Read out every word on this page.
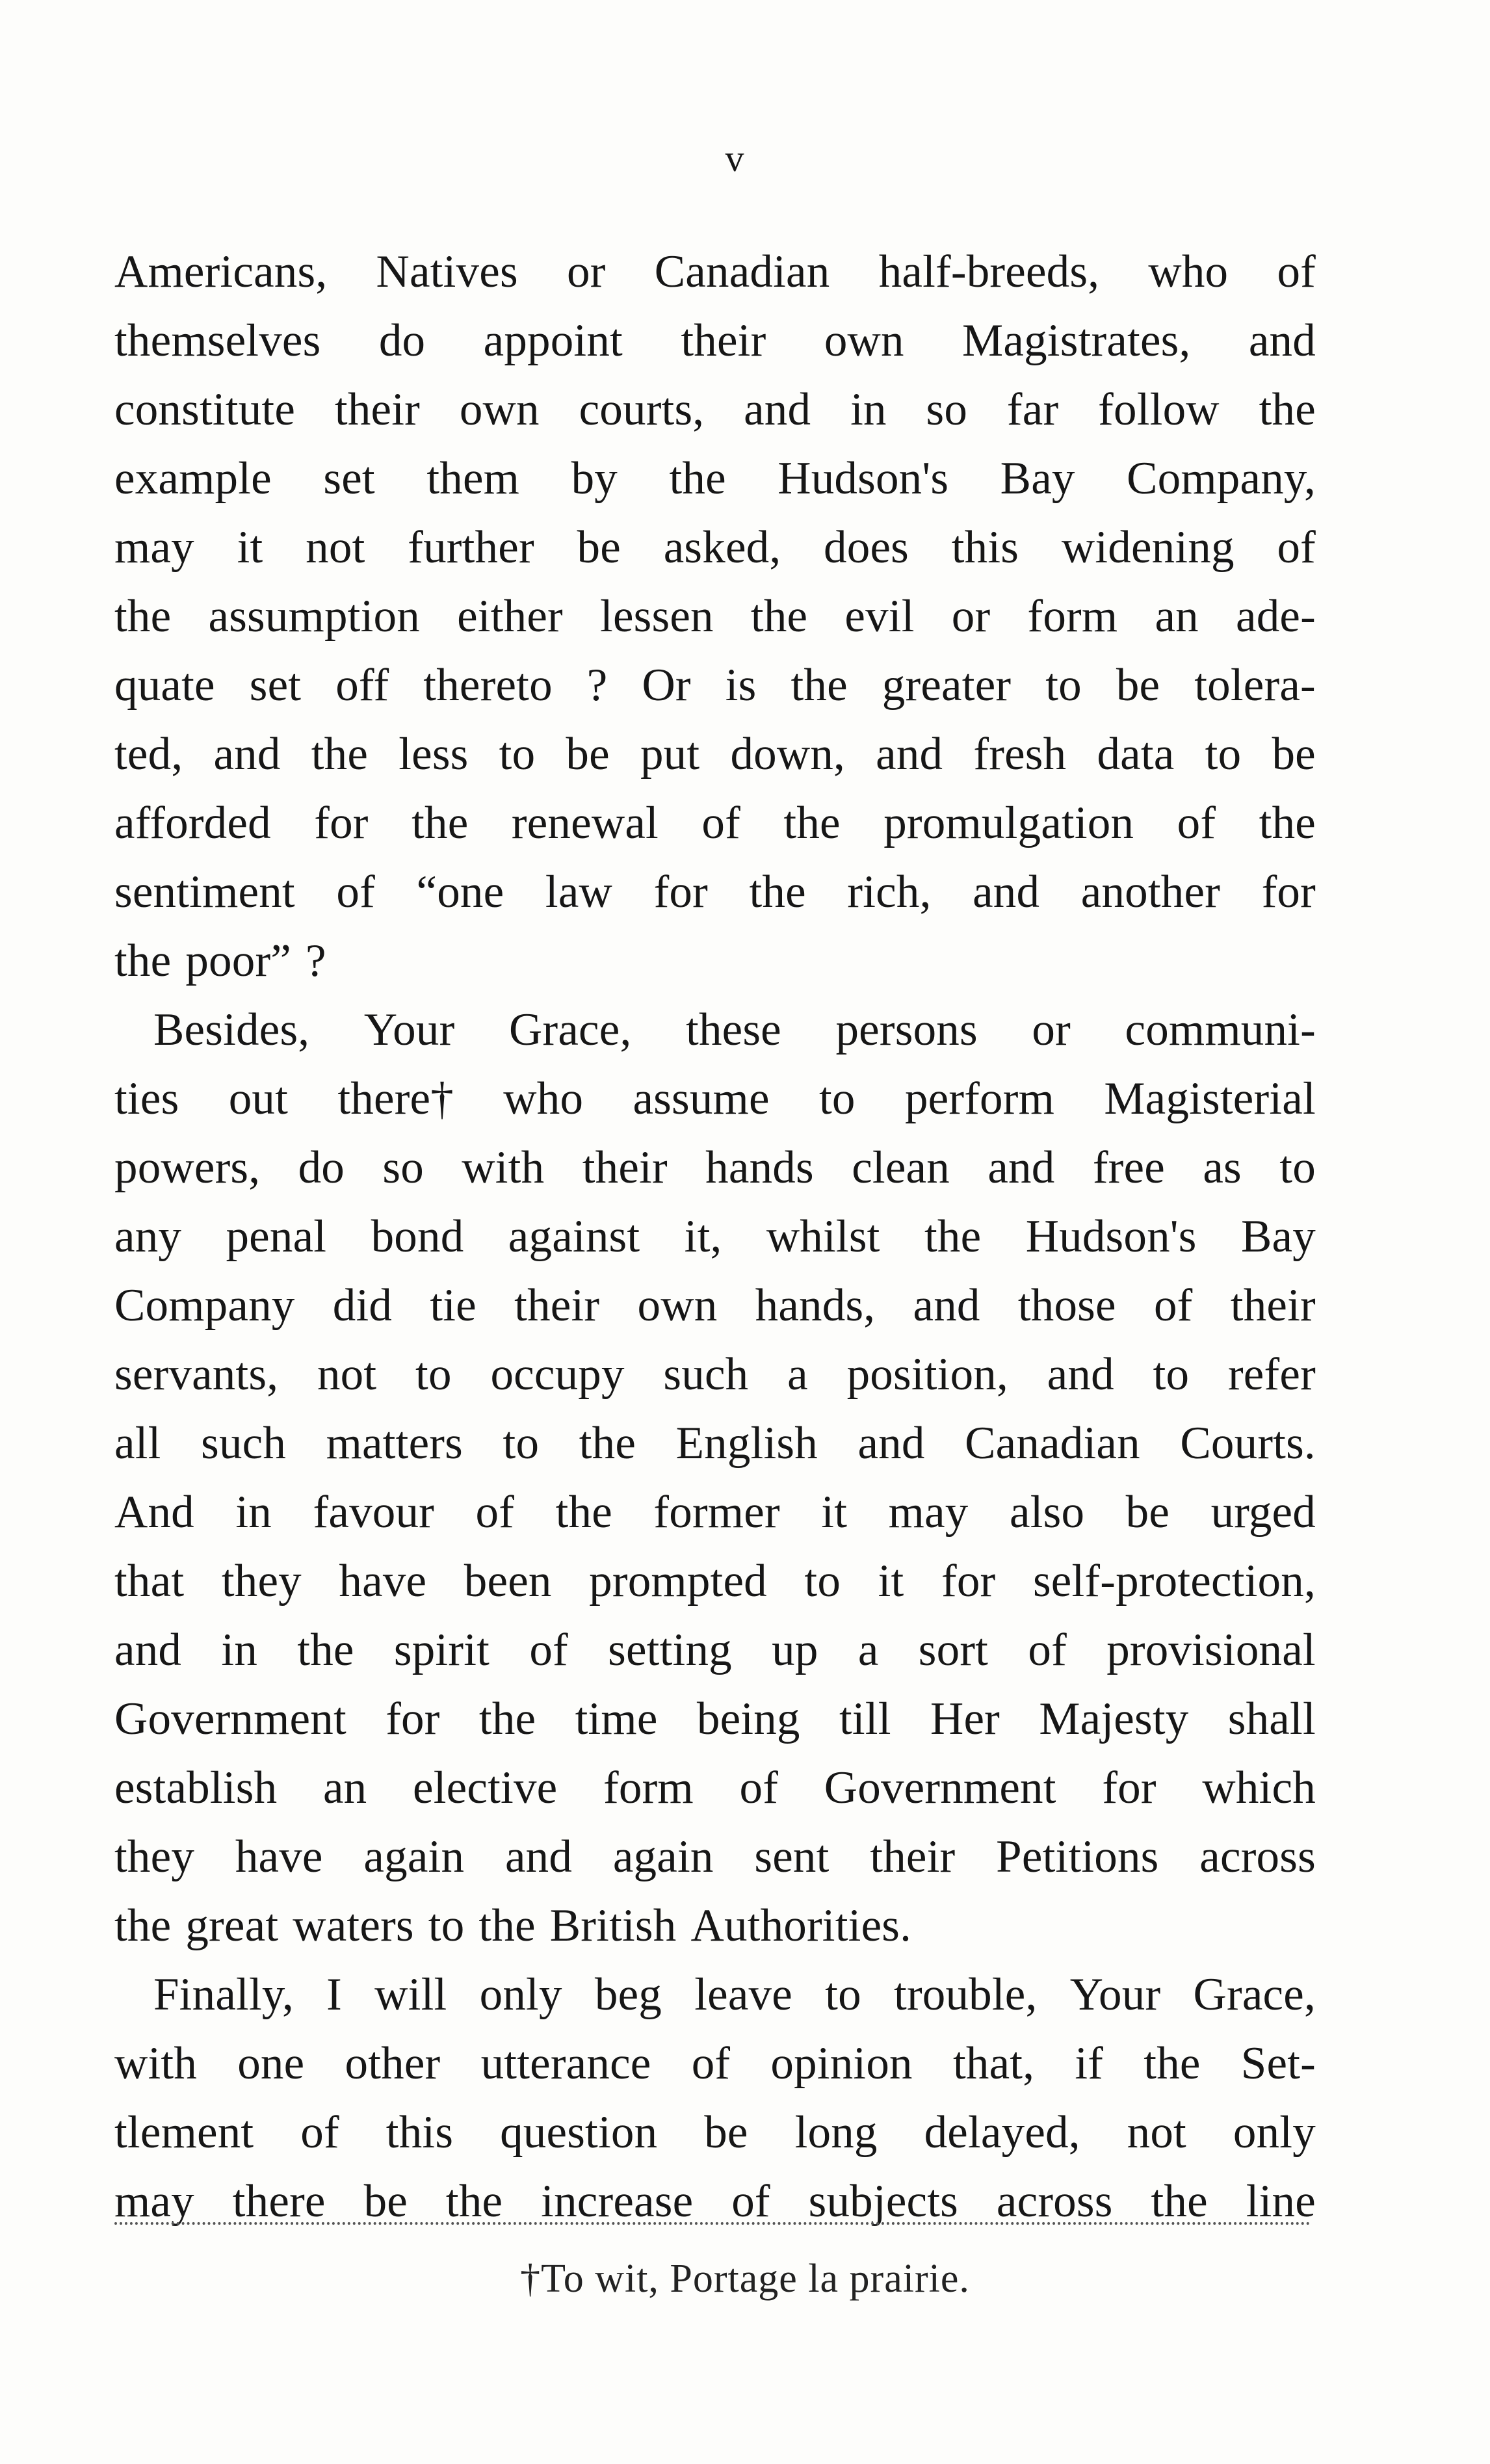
v
Americans, Natives or Canadian half-breeds, who of
themselves do appoint their own Magistrates, and
constitute their own courts, and in so far follow the
example set them by the Hudson's Bay Company,
may it not further be asked, does this widening of
the assumption either lessen the evil or form an ade-
quate set off thereto ? Or is the greater to be tolera-
ted, and the less to be put down, and fresh data to be
afforded for the renewal of the promulgation of the
sentiment of “one law for the rich, and another for
the poor” ?
Besides, Your Grace, these persons or communi-
ties out there† who assume to perform Magisterial
powers, do so with their hands clean and free as to
any penal bond against it, whilst the Hudson's Bay
Company did tie their own hands, and those of their
servants, not to occupy such a position, and to refer
all such matters to the English and Canadian Courts.
And in favour of the former it may also be urged
that they have been prompted to it for self-protection,
and in the spirit of setting up a sort of provisional
Government for the time being till Her Majesty shall
establish an elective form of Government for which
they have again and again sent their Petitions across
the great waters to the British Authorities.
Finally, I will only beg leave to trouble, Your Grace,
with one other utterance of opinion that, if the Set-
tlement of this question be long delayed, not only
may there be the increase of subjects across the line
†To wit, Portage la prairie.
